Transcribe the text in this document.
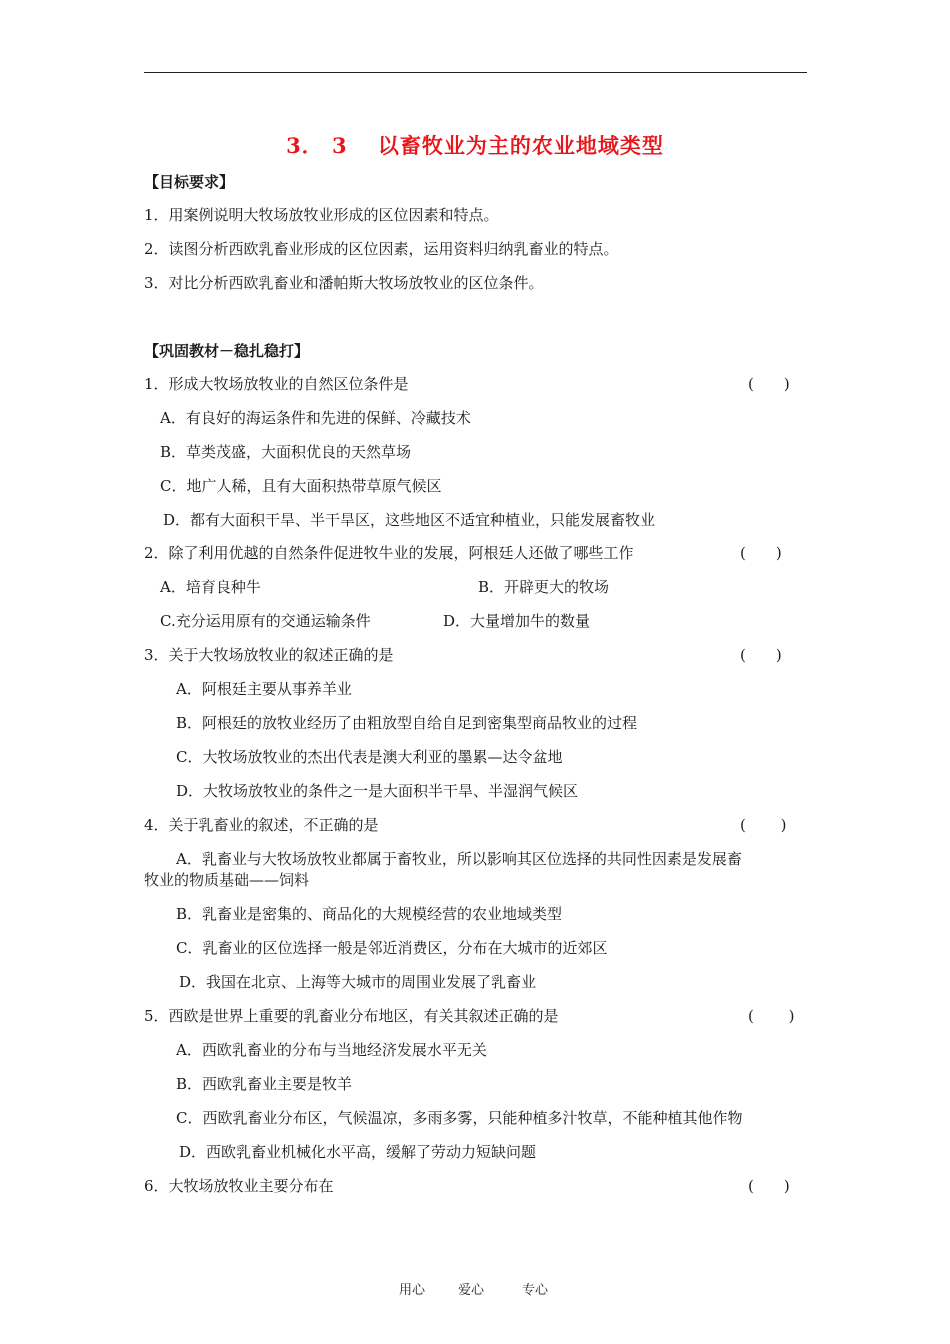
3． 3　 以畜牧业为主的农业地域类型
【目标要求】
1．用案例说明大牧场放牧业形成的区位因素和特点。
2．读图分析西欧乳畜业形成的区位因素，运用资料归纳乳畜业的特点。
3．对比分析西欧乳畜业和潘帕斯大牧场放牧业的区位条件。
【巩固教材－稳扎稳打】
1．形成大牧场放牧业的自然区位条件是	(　　)
A．有良好的海运条件和先进的保鲜、冷藏技术
B．草类茂盛，大面积优良的天然草场
C．地广人稀，且有大面积热带草原气候区
D．都有大面积干旱、半干旱区，这些地区不适宜种植业，只能发展畜牧业
2．除了利用优越的自然条件促进牧牛业的发展，阿根廷人还做了哪些工作	(　　)
A．培育良种牛	B．开辟更大的牧场
C.充分运用原有的交通运输条件	D．大量增加牛的数量
3．关于大牧场放牧业的叙述正确的是	(　　)
A．阿根廷主要从事养羊业
B．阿根廷的放牧业经历了由粗放型自给自足到密集型商品牧业的过程
C．大牧场放牧业的杰出代表是澳大利亚的墨累—达令盆地
D．大牧场放牧业的条件之一是大面积半干旱、半湿润气候区
4．关于乳畜业的叙述，不正确的是	(　　 )
A．乳畜业与大牧场放牧业都属于畜牧业，所以影响其区位选择的共同性因素是发展畜
牧业的物质基础——饲料
B．乳畜业是密集的、商品化的大规模经营的农业地域类型
C．乳畜业的区位选择一般是邻近消费区，分布在大城市的近郊区
D．我国在北京、上海等大城市的周围业发展了乳畜业
5．西欧是世界上重要的乳畜业分布地区，有关其叙述正确的是	(　　 )
A．西欧乳畜业的分布与当地经济发展水平无关
B．西欧乳畜业主要是牧羊
C．西欧乳畜业分布区，气候温凉，多雨多雾，只能种植多汁牧草，不能种植其他作物
D．西欧乳畜业机械化水平高，缓解了劳动力短缺问题
6．大牧场放牧业主要分布在	(　　)
用心	爱心	专心
